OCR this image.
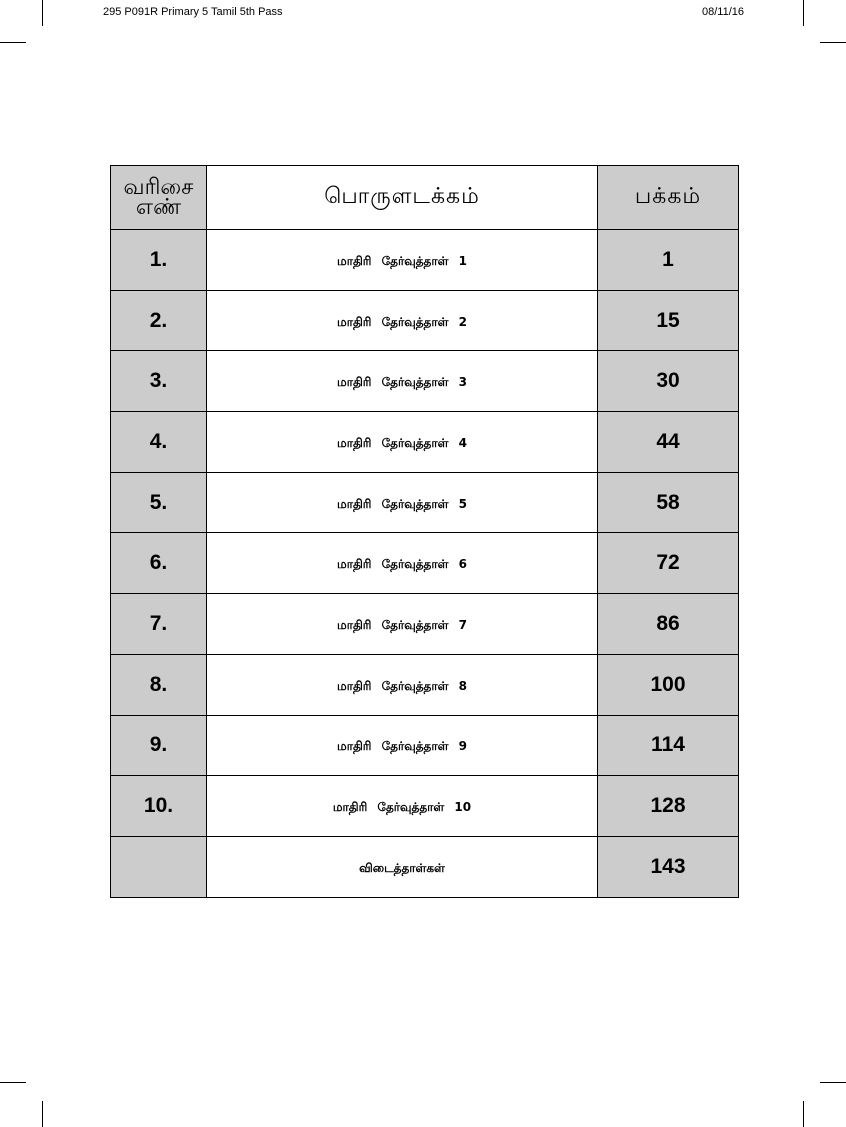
295 P091R Primary 5 Tamil 5th Pass	08/11/16
வரிசை
எண்	பொருளடக்கம்	பக்கம்
1.	மாதிரி தேர்வுத்தாள் 1	1
2.	மாதிரி தேர்வுத்தாள் 2	15
3.	மாதிரி தேர்வுத்தாள் 3	30
4.	மாதிரி தேர்வுத்தாள் 4	44
5.	மாதிரி தேர்வுத்தாள் 5	58
6.	மாதிரி தேர்வுத்தாள் 6	72
7.	மாதிரி தேர்வுத்தாள் 7	86
8.	மாதிரி தேர்வுத்தாள் 8	100
9.	மாதிரி தேர்வுத்தாள் 9	114
10.	மாதிரி தேர்வுத்தாள் 10	128
	விடைத்தாள்கள்	143
